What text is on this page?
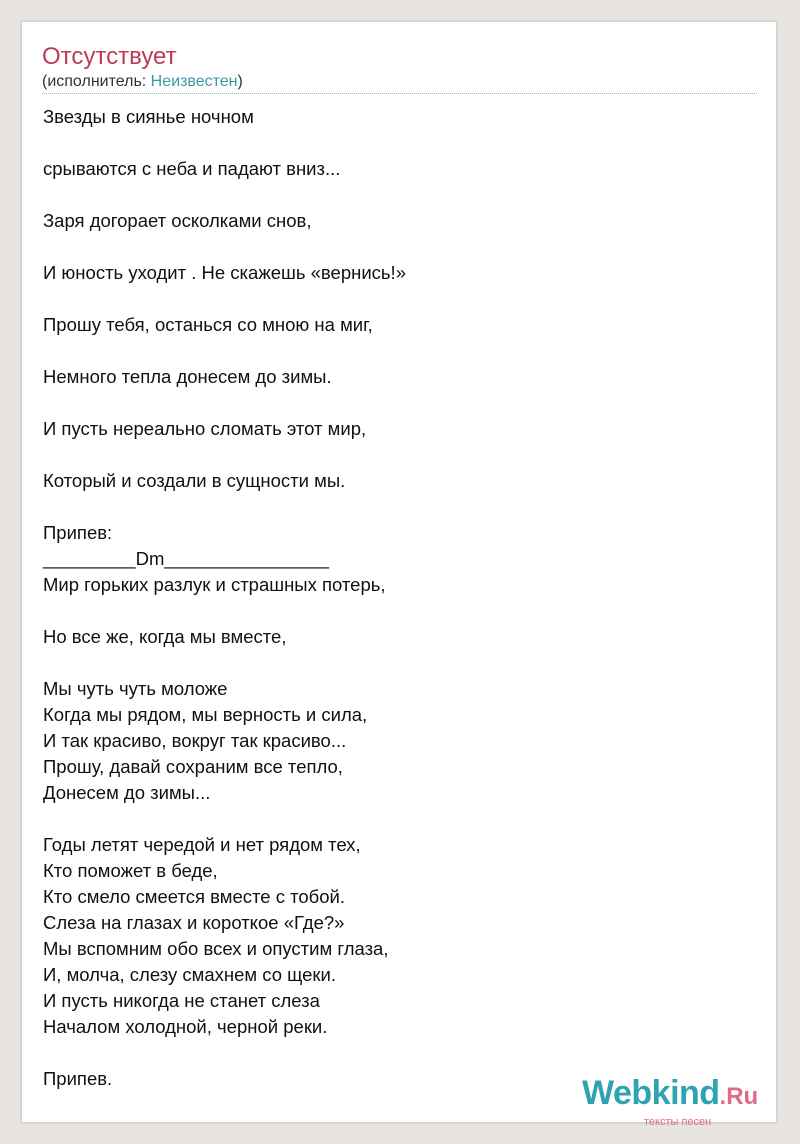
Отсутствует
(исполнитель: Неизвестен)
Звезды в сиянье ночном
срываются с неба и падают вниз...
Заря догорает осколками снов,
И юность уходит . Не скажешь «вернись!»
Прошу тебя, останься со мною на миг,
Немного тепла донесем до зимы.
И пусть нереально сломать этот мир,
Который и создали в сущности мы.
Припев:
_________Dm________________
Мир горьких разлук и страшных потерь,
Но все же, когда мы вместе,
Мы чуть чуть моложе
Когда мы рядом, мы верность и сила,
И так красиво, вокруг так красиво...
Прошу, давай сохраним все тепло,
Донесем до зимы...
Годы летят чередой и нет рядом тех,
Кто поможет в беде,
Кто смело смеется вместе с тобой.
Слеза на глазах и короткое «Где?»
Мы вспомним обо всех и опустим глаза,
И, молча, слезу смахнем со щеки.
И пусть никогда не станет слеза
Началом холодной, черной реки.
Припев.	Webkind.Ru
тексты песен
